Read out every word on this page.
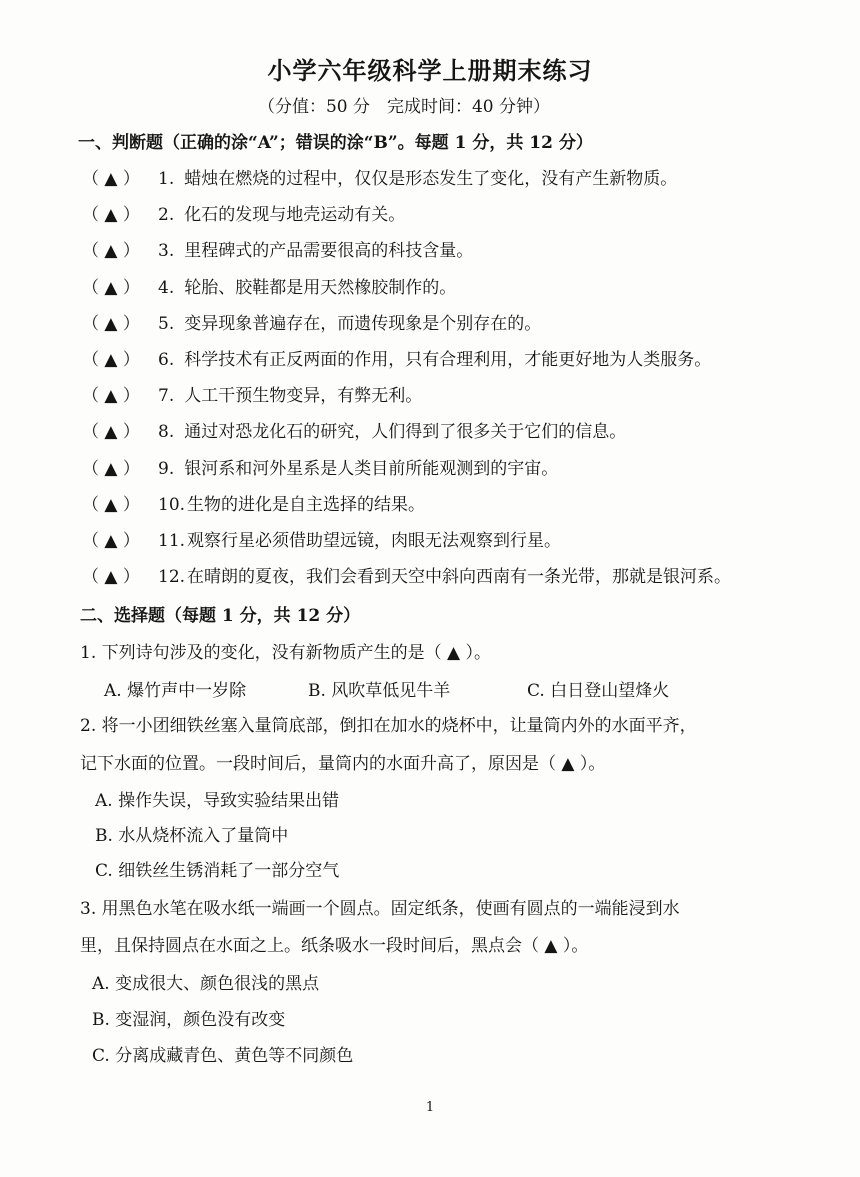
小学六年级科学上册期末练习
（分值：50 分　完成时间：40 分钟）
一、判断题（正确的涂“A”；错误的涂“B”。每题 1 分，共 12 分）
（ ▲ ） 1. 蜡烛在燃烧的过程中，仅仅是形态发生了变化，没有产生新物质。
（ ▲ ） 2. 化石的发现与地壳运动有关。
（ ▲ ） 3. 里程碑式的产品需要很高的科技含量。
（ ▲ ） 4. 轮胎、胶鞋都是用天然橡胶制作的。
（ ▲ ） 5. 变异现象普遍存在，而遗传现象是个别存在的。
（ ▲ ） 6. 科学技术有正反两面的作用，只有合理利用，才能更好地为人类服务。
（ ▲ ） 7. 人工干预生物变异，有弊无利。
（ ▲ ） 8. 通过对恐龙化石的研究，人们得到了很多关于它们的信息。
（ ▲ ） 9. 银河系和河外星系是人类目前所能观测到的宇宙。
（ ▲ ） 10. 生物的进化是自主选择的结果。
（ ▲ ） 11. 观察行星必须借助望远镜，肉眼无法观察到行星。
（ ▲ ） 12. 在晴朗的夏夜，我们会看到天空中斜向西南有一条光带，那就是银河系。
二、选择题（每题 1 分，共 12 分）
1. 下列诗句涉及的变化，没有新物质产生的是（ ▲ ）。
A. 爆竹声中一岁除	B. 风吹草低见牛羊	C. 白日登山望烽火
2. 将一小团细铁丝塞入量筒底部，倒扣在加水的烧杯中，让量筒内外的水面平齐，
记下水面的位置。一段时间后，量筒内的水面升高了，原因是（ ▲ ）。
A. 操作失误，导致实验结果出错
B. 水从烧杯流入了量筒中
C. 细铁丝生锈消耗了一部分空气
3. 用黑色水笔在吸水纸一端画一个圆点。固定纸条，使画有圆点的一端能浸到水
里，且保持圆点在水面之上。纸条吸水一段时间后，黑点会（ ▲ ）。
A. 变成很大、颜色很浅的黑点
B. 变湿润，颜色没有改变
C. 分离成藏青色、黄色等不同颜色
1
